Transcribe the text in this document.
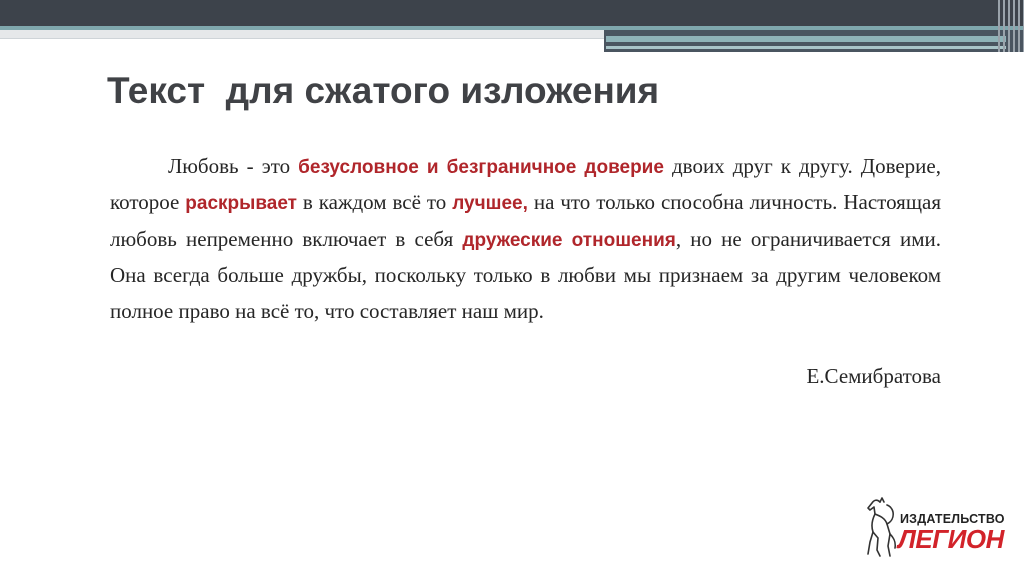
Текст  для сжатого изложения
Любовь - это безусловное и безграничное доверие двоих друг к другу. Доверие, которое раскрывает в каждом всё то лучшее, на что только способна личность. Настоящая любовь непременно включает в себя дружеские отношения, но не ограничивается ими. Она всегда больше дружбы, поскольку только в любви мы признаем за другим человеком полное право на всё то, что составляет наш мир.
Е.Семибратова
ИЗДАТЕЛЬСТВО
ЛЕГИОН
